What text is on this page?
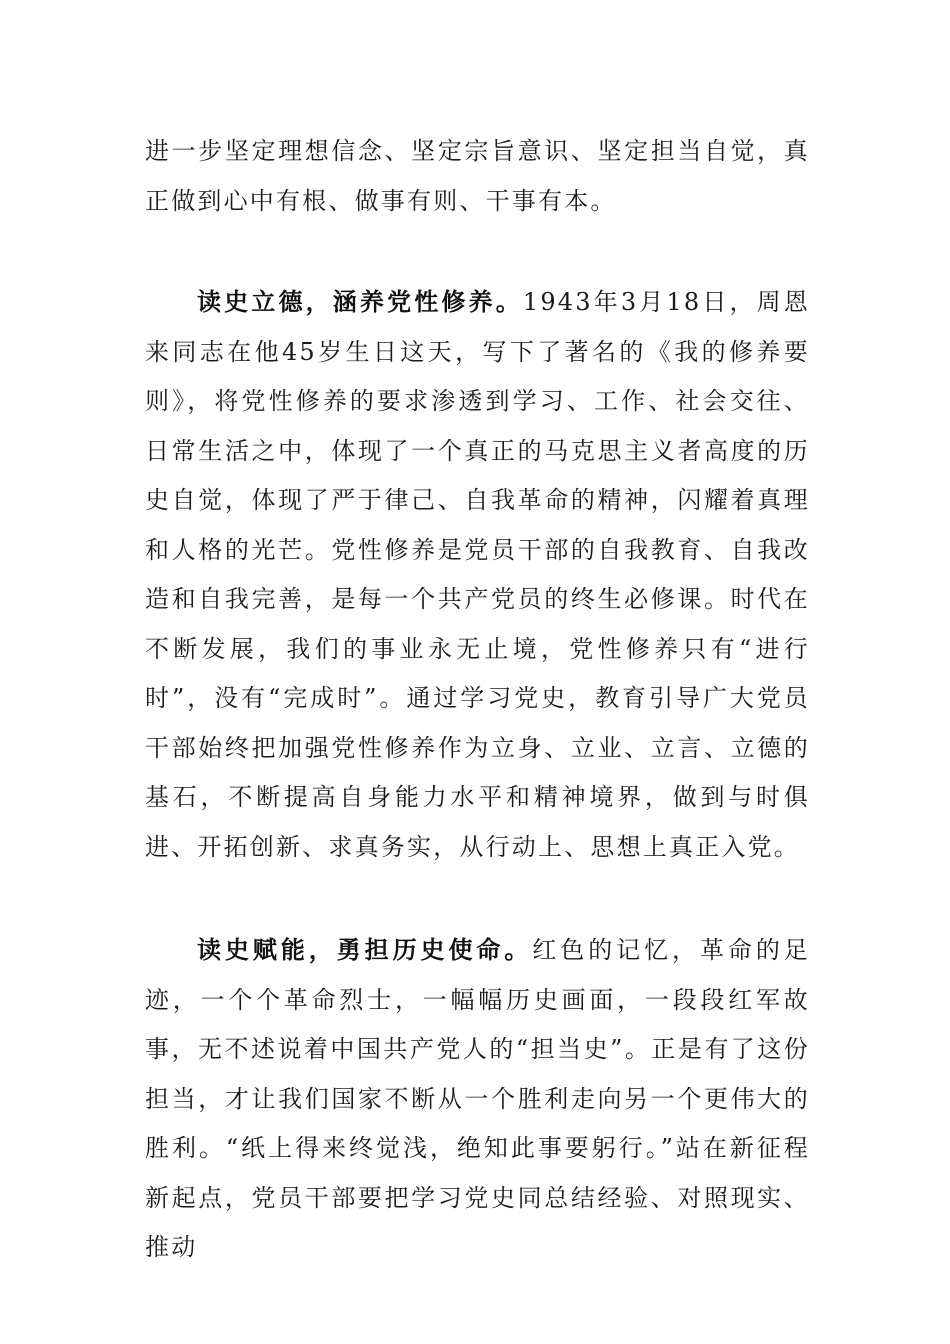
进一步坚定理想信念、坚定宗旨意识、坚定担当自觉，真正做到心中有根、做事有则、干事有本。

读史立德，涵养党性修养。1943年3月18日，周恩来同志在他45岁生日这天，写下了著名的《我的修养要则》，将党性修养的要求渗透到学习、工作、社会交往、日常生活之中，体现了一个真正的马克思主义者高度的历史自觉，体现了严于律己、自我革命的精神，闪耀着真理和人格的光芒。党性修养是党员干部的自我教育、自我改造和自我完善，是每一个共产党员的终生必修课。时代在不断发展，我们的事业永无止境，党性修养只有“进行时”，没有“完成时”。通过学习党史，教育引导广大党员干部始终把加强党性修养作为立身、立业、立言、立德的基石，不断提高自身能力水平和精神境界，做到与时俱进、开拓创新、求真务实，从行动上、思想上真正入党。

读史赋能，勇担历史使命。红色的记忆，革命的足迹，一个个革命烈士，一幅幅历史画面，一段段红军故事，无不述说着中国共产党人的“担当史”。正是有了这份担当，才让我们国家不断从一个胜利走向另一个更伟大的胜利。“纸上得来终觉浅，绝知此事要躬行。”站在新征程新起点，党员干部要把学习党史同总结经验、对照现实、推动
